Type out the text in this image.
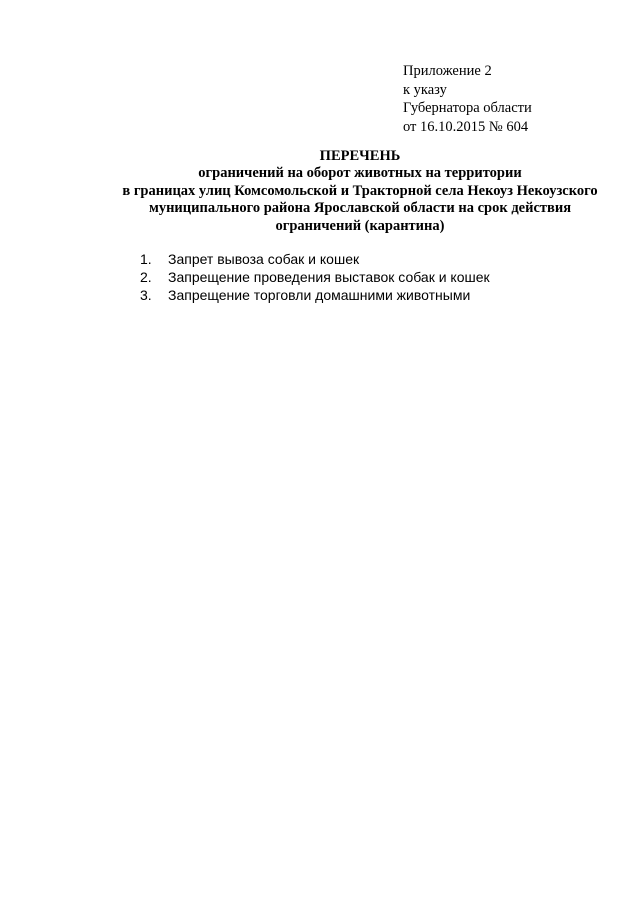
Приложение 2
к указу
Губернатора области
от 16.10.2015 № 604
ПЕРЕЧЕНЬ
ограничений на оборот животных на территории
в границах улиц Комсомольской и Тракторной села Некоуз Некоузского
муниципального района Ярославской области на срок действия
ограничений (карантина)
1. Запрет вывоза собак и кошек
2. Запрещение проведения выставок собак и кошек
3. Запрещение торговли домашними животными
